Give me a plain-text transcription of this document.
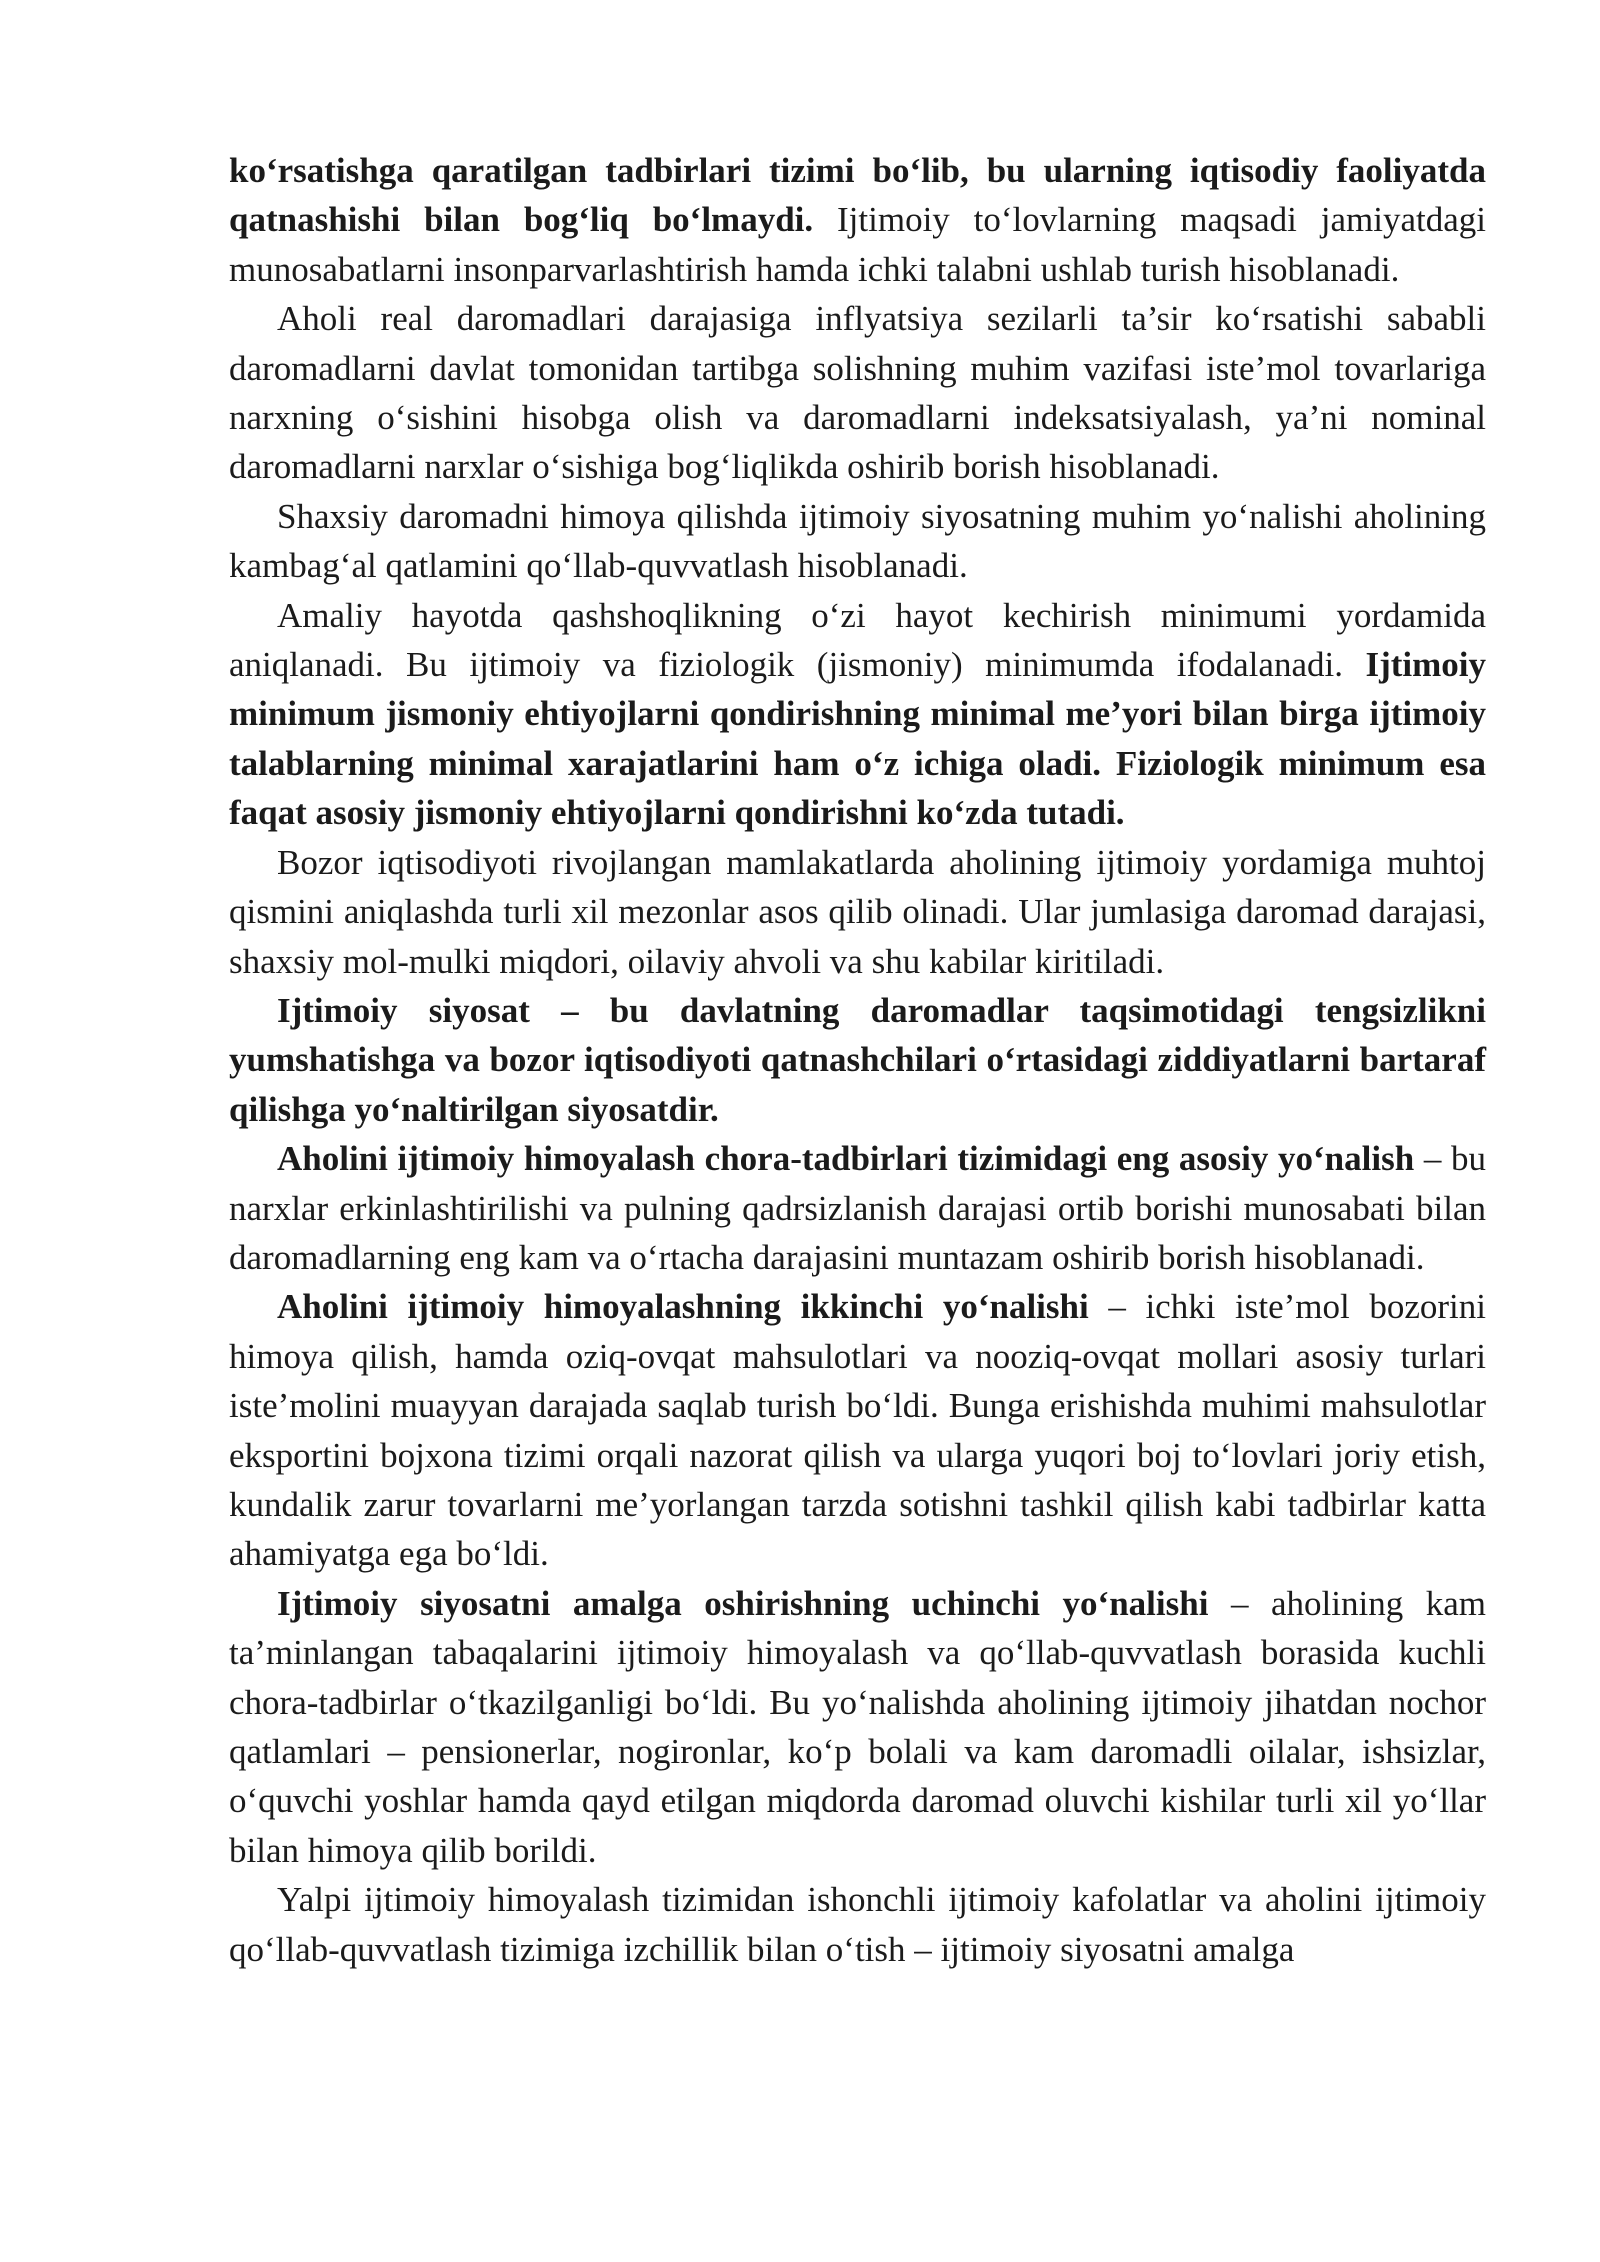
ko‘rsatishga qaratilgan tadbirlari tizimi bo‘lib, bu ularning iqtisodiy faoliyatda qatnashishi bilan bog‘liq bo‘lmaydi. Ijtimoiy to‘lovlarning maqsadi jamiyatdagi munosabatlarni insonparvarlashtirish hamda ichki talabni ushlab turish hisoblanadi.

Aholi real daromadlari darajasiga inflyatsiya sezilarli ta’sir ko‘rsatishi sababli daromadlarni davlat tomonidan tartibga solishning muhim vazifasi iste’mol tovarlariga narxning o‘sishini hisobga olish va daromadlarni indeksatsiyalash, ya’ni nominal daromadlarni narxlar o‘sishiga bog‘liqlikda oshirib borish hisoblanadi.

Shaxsiy daromadni himoya qilishda ijtimoiy siyosatning muhim yo‘nalishi aholining kambag‘al qatlamini qo‘llab-quvvatlash hisoblanadi.

Amaliy hayotda qashshoqlikning o‘zi hayot kechirish minimumi yordamida aniqlanadi. Bu ijtimoiy va fiziologik (jismoniy) minimumda ifodalanadi. Ijtimoiy minimum jismoniy ehtiyojlarni qondirishning minimal me’yori bilan birga ijtimoiy talablarning minimal xarajatlarini ham o‘z ichiga oladi. Fiziologik minimum esa faqat asosiy jismoniy ehtiyojlarni qondirishni ko‘zda tutadi.

Bozor iqtisodiyoti rivojlangan mamlakatlarda aholining ijtimoiy yordamiga muhtoj qismini aniqlashda turli xil mezonlar asos qilib olinadi. Ular jumlasiga daromad darajasi, shaxsiy mol-mulki miqdori, oilaviy ahvoli va shu kabilar kiritiladi.

Ijtimoiy siyosat – bu davlatning daromadlar taqsimotidagi tengsizlikni yumshatishga va bozor iqtisodiyoti qatnashchilari o‘rtasidagi ziddiyatlarni bartaraf qilishga yo‘naltirilgan siyosatdir.

Aholini ijtimoiy himoyalash chora-tadbirlari tizimidagi eng asosiy yo‘nalish – bu narxlar erkinlashtirilishi va pulning qadrsizlanish darajasi ortib borishi munosabati bilan daromadlarning eng kam va o‘rtacha darajasini muntazam oshirib borish hisoblanadi.

Aholini ijtimoiy himoyalashning ikkinchi yo‘nalishi – ichki iste’mol bozorini himoya qilish, hamda oziq-ovqat mahsulotlari va nooziq-ovqat mollari asosiy turlari iste’molini muayyan darajada saqlab turish bo‘ldi. Bunga erishishda muhimi mahsulotlar eksportini bojxona tizimi orqali nazorat qilish va ularga yuqori boj to‘lovlari joriy etish, kundalik zarur tovarlarni me’yorlangan tarzda sotishni tashkil qilish kabi tadbirlar katta ahamiyatga ega bo‘ldi.

Ijtimoiy siyosatni amalga oshirishning uchinchi yo‘nalishi – aholining kam ta’minlangan tabaqalarini ijtimoiy himoyalash va qo‘llab-quvvatlash borasida kuchli chora-tadbirlar o‘tkazilganligi bo‘ldi. Bu yo‘nalishda aholining ijtimoiy jihatdan nochor qatlamlari – pensionerlar, nogironlar, ko‘p bolali va kam daromadli oilalar, ishsizlar, o‘quvchi yoshlar hamda qayd etilgan miqdorda daromad oluvchi kishilar turli xil yo‘llar bilan himoya qilib borildi.

Yalpi ijtimoiy himoyalash tizimidan ishonchli ijtimoiy kafolatlar va aholini ijtimoiy qo‘llab-quvvatlash tizimiga izchillik bilan o‘tish – ijtimoiy siyosatni amalga
